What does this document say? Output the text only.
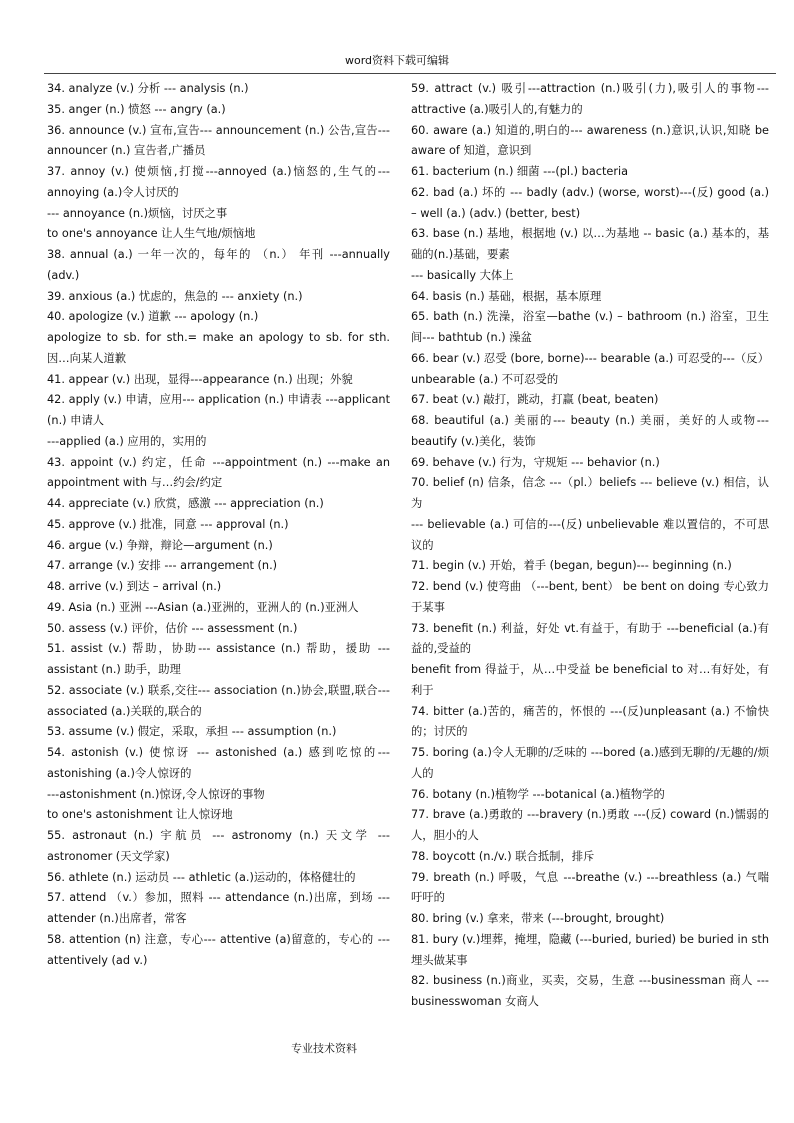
word资料下载可编辑

34. analyze (v.) 分析 --- analysis (n.)

35. anger (n.) 愤怒 --- angry (a.)

36. announce (v.) 宣布,宣告--- announcement (n.) 公告,宣告--- announcer (n.) 宣告者,广播员

37. annoy (v.) 使烦恼,打搅---annoyed (a.)恼怒的,生气的---annoying (a.)令人讨厌的

--- annoyance (n.)烦恼，讨厌之事

to one's annoyance 让人生气地/烦恼地

38. annual (a.) 一年一次的，每年的 （n.） 年刊 ---annually (adv.)

39. anxious (a.) 忧虑的，焦急的 --- anxiety (n.)

40. apologize (v.) 道歉 --- apology (n.)

apologize to sb. for sth.= make an apology to sb. for sth. 因…向某人道歉

41. appear (v.) 出现，显得---appearance (n.) 出现；外貌

42. apply (v.) 申请，应用--- application (n.) 申请表 ---applicant (n.) 申请人

---applied (a.) 应用的，实用的

43. appoint (v.) 约定，任命 ---appointment (n.) ---make an appointment with 与…约会/约定

44. appreciate (v.) 欣赏，感激 --- appreciation (n.)

45. approve (v.) 批准，同意 --- approval (n.)

46. argue (v.) 争辩，辩论—argument (n.)

47. arrange (v.) 安排 --- arrangement (n.)

48. arrive (v.) 到达 – arrival (n.)

49. Asia (n.) 亚洲 ---Asian (a.)亚洲的，亚洲人的 (n.)亚洲人

50. assess (v.) 评价，估价 --- assessment (n.)

51. assist (v.) 帮助，协助--- assistance (n.) 帮助，援助 ---assistant (n.) 助手，助理

52. associate (v.) 联系,交往--- association (n.)协会,联盟,联合--- associated (a.)关联的,联合的

53. assume (v.) 假定，采取，承担 --- assumption (n.)

54. astonish (v.) 使惊讶 --- astonished (a.) 感到吃惊的---astonishing (a.)令人惊讶的

---astonishment (n.)惊讶,令人惊讶的事物

to one's astonishment 让人惊讶地

55. astronaut (n.) 宇航员 --- astronomy (n.) 天文学 ---astronomer (天文学家)

56. athlete (n.) 运动员 --- athletic (a.)运动的，体格健壮的

57. attend （v.）参加，照料 --- attendance (n.)出席，到场 ---attender (n.)出席者，常客

58. attention (n) 注意，专心--- attentive (a)留意的，专心的 ---attentively (ad v.)

59. attract (v.) 吸引---attraction (n.)吸引(力),吸引人的事物---attractive (a.)吸引人的,有魅力的

60. aware (a.) 知道的,明白的--- awareness (n.)意识,认识,知晓 be aware of 知道，意识到

61. bacterium (n.) 细菌 ---(pl.) bacteria

62. bad (a.) 坏的 --- badly (adv.) (worse, worst)---(反) good (a.) – well (a.) (adv.) (better, best)

63. base (n.) 基地，根据地 (v.) 以…为基地 -- basic (a.) 基本的，基础的(n.)基础，要素

--- basically 大体上

64. basis (n.) 基础，根据，基本原理

65. bath (n.) 洗澡，浴室—bathe (v.) – bathroom (n.) 浴室，卫生间--- bathtub (n.) 澡盆

66. bear (v.) 忍受 (bore, borne)--- bearable (a.) 可忍受的---（反）unbearable (a.) 不可忍受的

67. beat (v.) 敲打，跳动，打赢 (beat, beaten)

68. beautiful (a.) 美丽的--- beauty (n.) 美丽，美好的人或物--- beautify (v.)美化，装饰

69. behave (v.) 行为，守规矩 --- behavior (n.)

70. belief (n) 信条，信念 ---（pl.）beliefs --- believe (v.) 相信，认为

--- believable (a.) 可信的---(反) unbelievable 难以置信的，不可思议的

71. begin (v.) 开始，着手 (began, begun)--- beginning (n.)

72. bend (v.) 使弯曲 （---bent, bent） be bent on doing 专心致力于某事

73. benefit (n.) 利益，好处 vt.有益于，有助于 ---beneficial (a.)有益的,受益的

benefit from 得益于，从…中受益 be beneficial to 对…有好处，有利于

74. bitter (a.)苦的，痛苦的，怀恨的 ---(反)unpleasant (a.) 不愉快的；讨厌的

75. boring (a.)令人无聊的/乏味的 ---bored (a.)感到无聊的/无趣的/烦人的

76. botany (n.)植物学 ---botanical (a.)植物学的

77. brave (a.)勇敢的 ---bravery (n.)勇敢 ---(反) coward (n.)懦弱的人，胆小的人

78. boycott (n./v.) 联合抵制，排斥

79. breath (n.) 呼吸，气息 ---breathe (v.) ---breathless (a.) 气喘吁吁的

80. bring (v.) 拿来，带来 (---brought, brought)

81. bury (v.)埋葬，掩埋，隐藏 (---buried, buried) be buried in sth 埋头做某事

82. business (n.)商业，买卖，交易，生意 ---businessman 商人 ---businesswoman 女商人

专业技术资料
